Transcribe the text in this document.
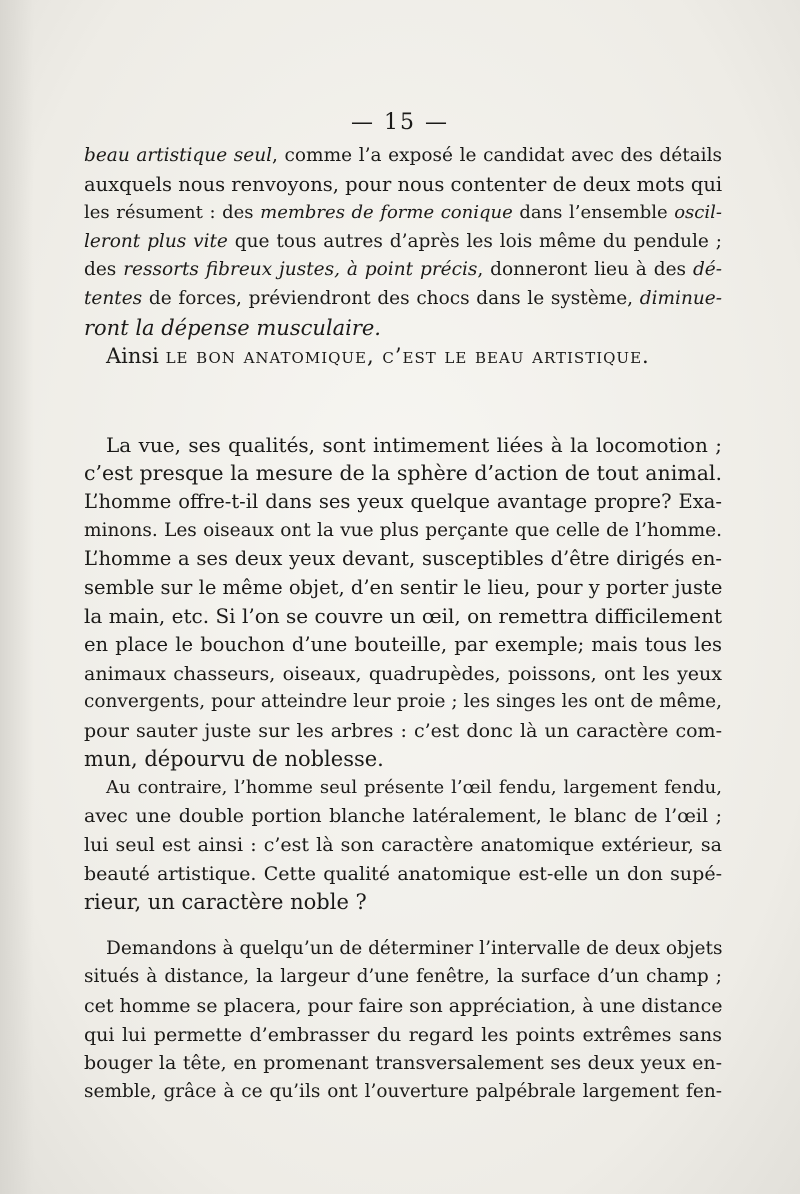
— 15 —
beau artistique seul, comme l’a exposé le candidat avec des détails
auxquels nous renvoyons, pour nous contenter de deux mots qui
les résument : des membres de forme conique dans l’ensemble oscil-
leront plus vite que tous autres d’après les lois même du pendule ;
des ressorts fibreux justes, à point précis, donneront lieu à des dé-
tentes de forces, préviendront des chocs dans le système, diminue-
ront la dépense musculaire.
Ainsi le bon anatomique, c’est le beau artistique.
La vue, ses qualités, sont intimement liées à la locomotion ;
c’est presque la mesure de la sphère d’action de tout animal.
L’homme offre-t-il dans ses yeux quelque avantage propre? Exa-
minons. Les oiseaux ont la vue plus perçante que celle de l’homme.
L’homme a ses deux yeux devant, susceptibles d’être dirigés en-
semble sur le même objet, d’en sentir le lieu, pour y porter juste
la main, etc. Si l’on se couvre un œil, on remettra difficilement
en place le bouchon d’une bouteille, par exemple; mais tous les
animaux chasseurs, oiseaux, quadrupèdes, poissons, ont les yeux
convergents, pour atteindre leur proie ; les singes les ont de même,
pour sauter juste sur les arbres : c’est donc là un caractère com-
mun, dépourvu de noblesse.
Au contraire, l’homme seul présente l’œil fendu, largement fendu,
avec une double portion blanche latéralement, le blanc de l’œil ;
lui seul est ainsi : c’est là son caractère anatomique extérieur, sa
beauté artistique. Cette qualité anatomique est-elle un don supé-
rieur, un caractère noble ?
Demandons à quelqu’un de déterminer l’intervalle de deux objets
situés à distance, la largeur d’une fenêtre, la surface d’un champ ;
cet homme se placera, pour faire son appréciation, à une distance
qui lui permette d’embrasser du regard les points extrêmes sans
bouger la tête, en promenant transversalement ses deux yeux en-
semble, grâce à ce qu’ils ont l’ouverture palpébrale largement fen-
